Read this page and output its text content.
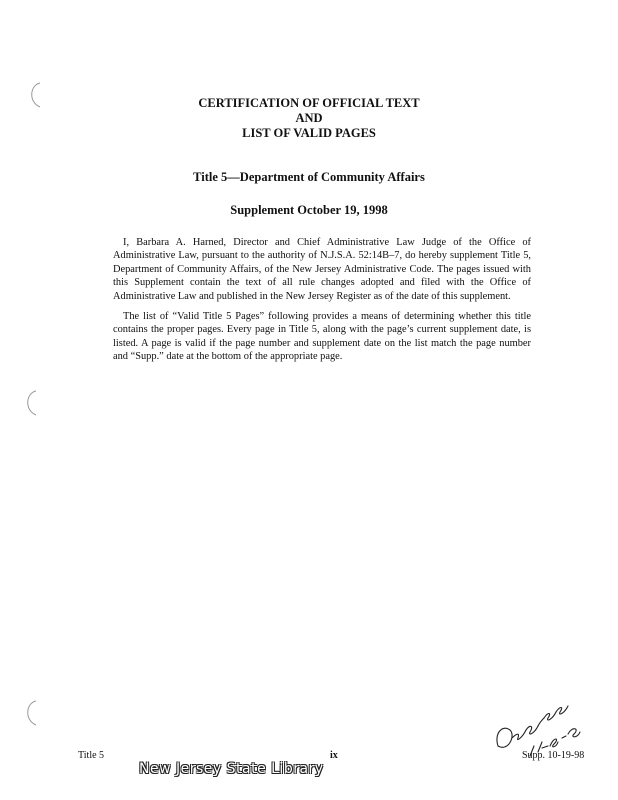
CERTIFICATION OF OFFICIAL TEXT
AND
LIST OF VALID PAGES
Title 5—Department of Community Affairs
Supplement October 19, 1998

I, Barbara A. Harned, Director and Chief Administrative Law Judge of the Office of Administrative Law, pursuant to the authority of N.J.S.A. 52:14B–7, do hereby supplement Title 5, Department of Community Affairs, of the New Jersey Administrative Code. The pages issued with this Supplement contain the text of all rule changes adopted and filed with the Office of Administrative Law and published in the New Jersey Register as of the date of this supplement.

The list of “Valid Title 5 Pages” following provides a means of determining whether this title contains the proper pages. Every page in Title 5, along with the page’s current supplement date, is listed. A page is valid if the page number and supplement date on the list match the page number and “Supp.” date at the bottom of the appropriate page.

Title 5	ix	Supp. 10-19-98
New Jersey State Library
